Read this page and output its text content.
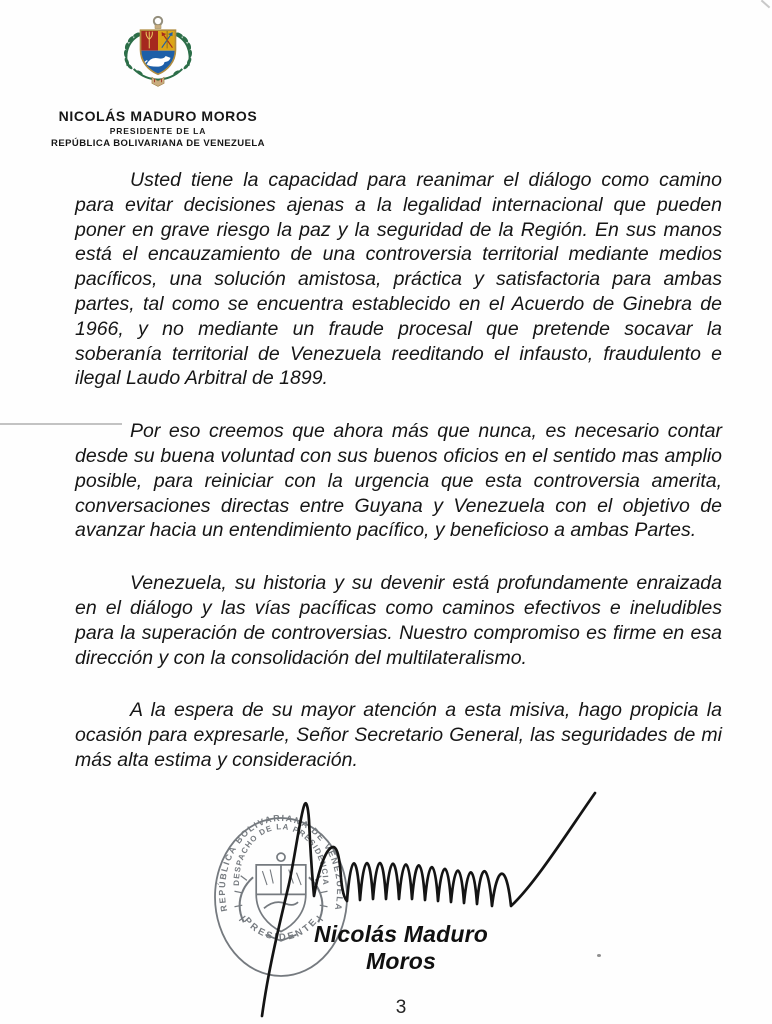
NICOLÁS MADURO MOROS
PRESIDENTE DE LA
REPÚBLICA BOLIVARIANA DE VENEZUELA

Usted tiene la capacidad para reanimar el diálogo como camino para evitar decisiones ajenas a la legalidad internacional que pueden poner en grave riesgo la paz y la seguridad de la Región. En sus manos está el encauzamiento de una controversia territorial mediante medios pacíficos, una solución amistosa, práctica y satisfactoria para ambas partes, tal como se encuentra establecido en el Acuerdo de Ginebra de 1966, y no mediante un fraude procesal que pretende socavar la soberanía territorial de Venezuela reeditando el infausto, fraudulento e ilegal Laudo Arbitral de 1899.

Por eso creemos que ahora más que nunca, es necesario contar desde su buena voluntad con sus buenos oficios en el sentido mas amplio posible, para reiniciar con la urgencia que esta controversia amerita, conversaciones directas entre Guyana y Venezuela con el objetivo de avanzar hacia un entendimiento pacífico, y beneficioso a ambas Partes.

Venezuela, su historia y su devenir está profundamente enraizada en el diálogo y las vías pacíficas como caminos efectivos e ineludibles para la superación de controversias. Nuestro compromiso es firme en esa dirección y con la consolidación del multilateralismo.

A la espera de su mayor atención a esta misiva, hago propicia la ocasión para expresarle, Señor Secretario General, las seguridades de mi más alta estima y consideración.

REPÚBLICA BOLIVARIANA DE VENEZUELA
DESPACHO DE LA PRESIDENCIA
PRESIDENTE
Nicolás Maduro Moros
3
